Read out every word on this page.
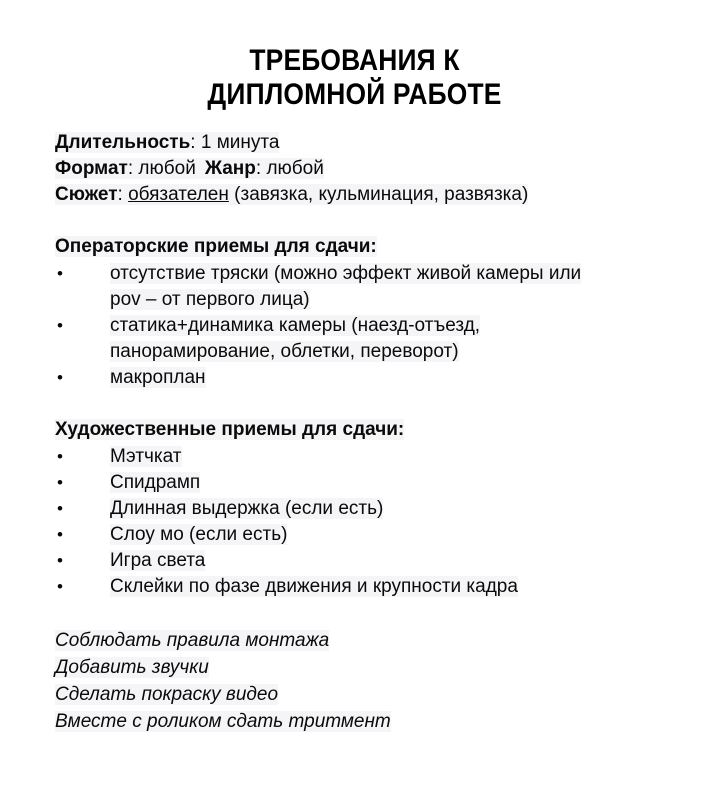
ТРЕБОВАНИЯ К
ДИПЛОМНОЙ РАБОТЕ

Длительность: 1 минута

Формат: любой Жанр: любой

Сюжет: обязателен (завязка, кульминация, развязка)

Операторские приемы для сдачи:

• отсутствие тряски (можно эффект живой камеры или
pov – от первого лица)
• статика+динамика камеры (наезд-отъезд,
панорамирование, облетки, переворот)
• макроплан

Художественные приемы для сдачи:

• Мэтчкат
• Спидрамп
• Длинная выдержка (если есть)
• Слоу мо (если есть)
• Игра света
• Склейки по фазе движения и крупности кадра

Соблюдать правила монтажа

Добавить звучки

Сделать покраску видео

Вместе с роликом сдать тритмент
